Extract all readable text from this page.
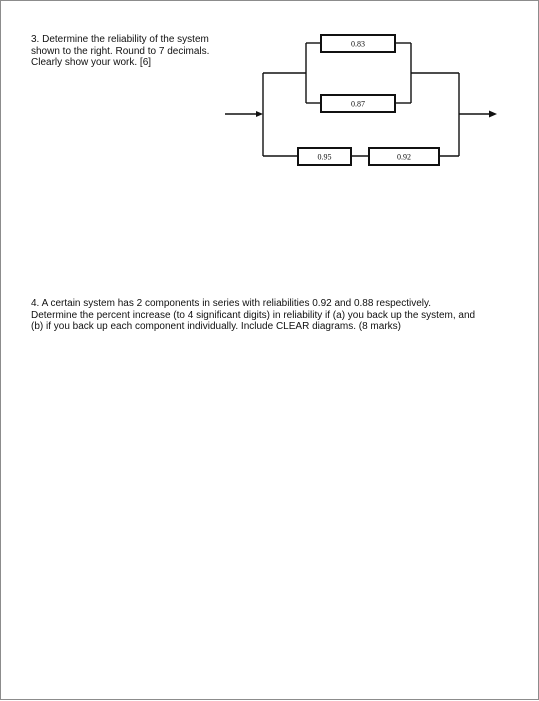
3. Determine the reliability of the system
shown to the right. Round to 7 decimals.
Clearly show your work. [6]
0.83
0.87
0.95	0.92
4. A certain system has 2 components in series with reliabilities 0.92 and 0.88 respectively.
Determine the percent increase (to 4 significant digits) in reliability if (a) you back up the system, and
(b) if you back up each component individually. Include CLEAR diagrams. (8 marks)
